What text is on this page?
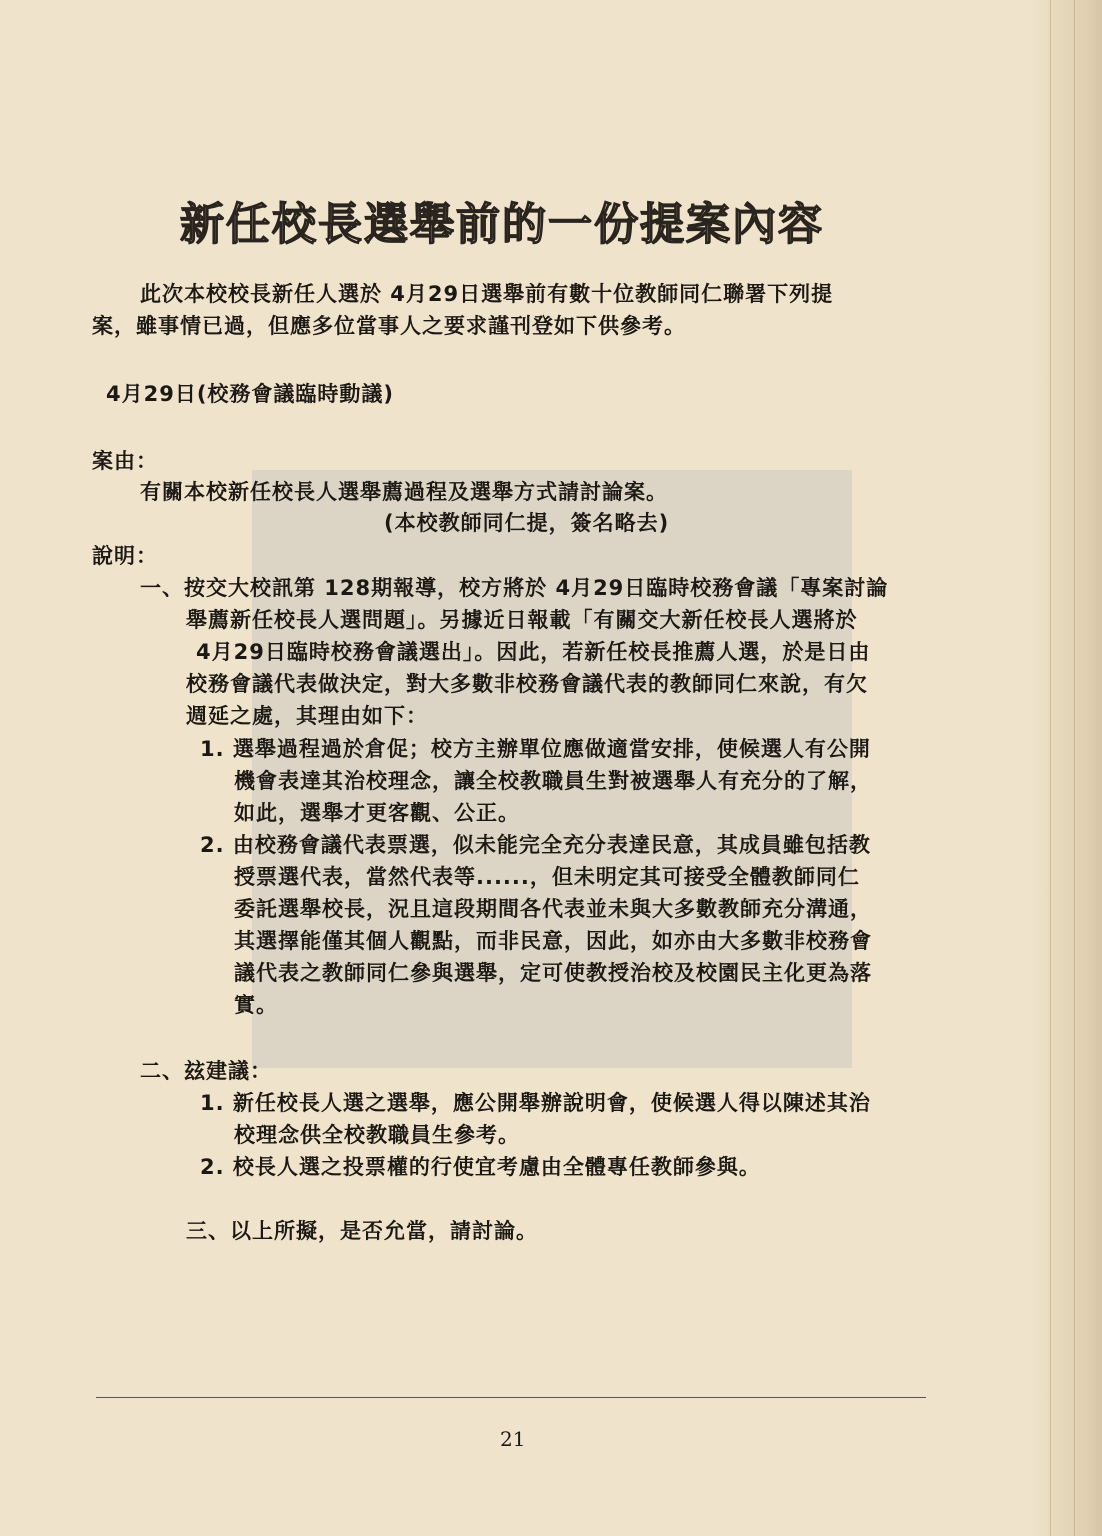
新任校長選舉前的一份提案內容
此次本校校長新任人選於 4月29日選舉前有數十位教師同仁聯署下列提
案，雖事情已過，但應多位當事人之要求謹刊登如下供參考。
4月29日(校務會議臨時動議)
案由：
有關本校新任校長人選舉薦過程及選舉方式請討論案。
(本校教師同仁提，簽名略去)
說明：
一、按交大校訊第 128期報導，校方將於 4月29日臨時校務會議「專案討論
舉薦新任校長人選問題」。另據近日報載「有關交大新任校長人選將於
4月29日臨時校務會議選出」。因此，若新任校長推薦人選，於是日由
校務會議代表做決定，對大多數非校務會議代表的教師同仁來說，有欠
週延之處，其理由如下：
1. 選舉過程過於倉促；校方主辦單位應做適當安排，使候選人有公開
機會表達其治校理念，讓全校教職員生對被選舉人有充分的了解，
如此，選舉才更客觀、公正。
2. 由校務會議代表票選，似未能完全充分表達民意，其成員雖包括教
授票選代表，當然代表等......，但未明定其可接受全體教師同仁
委託選舉校長，況且這段期間各代表並未與大多數教師充分溝通，
其選擇能僅其個人觀點，而非民意，因此，如亦由大多數非校務會
議代表之教師同仁參與選舉，定可使教授治校及校園民主化更為落
實。
二、玆建議：
1. 新任校長人選之選舉，應公開舉辦說明會，使候選人得以陳述其治
校理念供全校教職員生參考。
2. 校長人選之投票權的行使宜考慮由全體專任教師參與。
三、以上所擬，是否允當，請討論。
21
